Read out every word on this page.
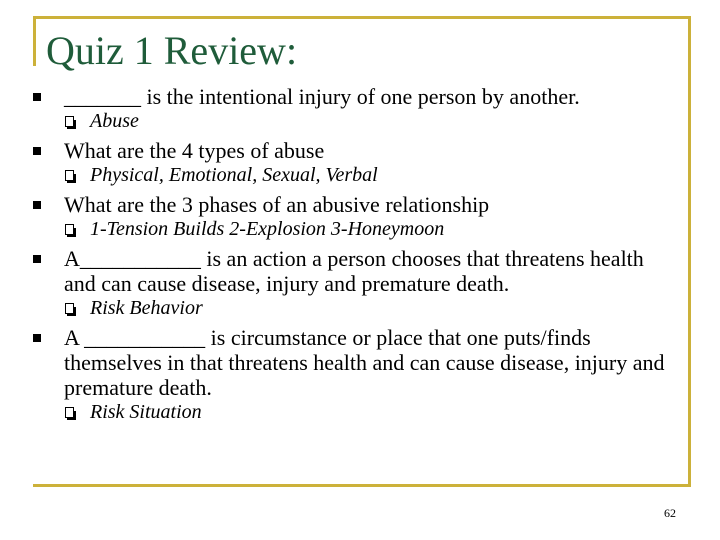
Quiz 1 Review:
_______ is the intentional injury of one person by another.
Abuse
What are the 4 types of abuse
Physical, Emotional, Sexual, Verbal
What are the 3 phases of an abusive relationship
1-Tension Builds 2-Explosion 3-Honeymoon
A___________ is an action a person chooses that threatens health and can cause disease, injury and premature death.
Risk Behavior
A ___________ is circumstance or place that one puts/finds themselves in that threatens health and can cause disease, injury and premature death.
Risk Situation
62
